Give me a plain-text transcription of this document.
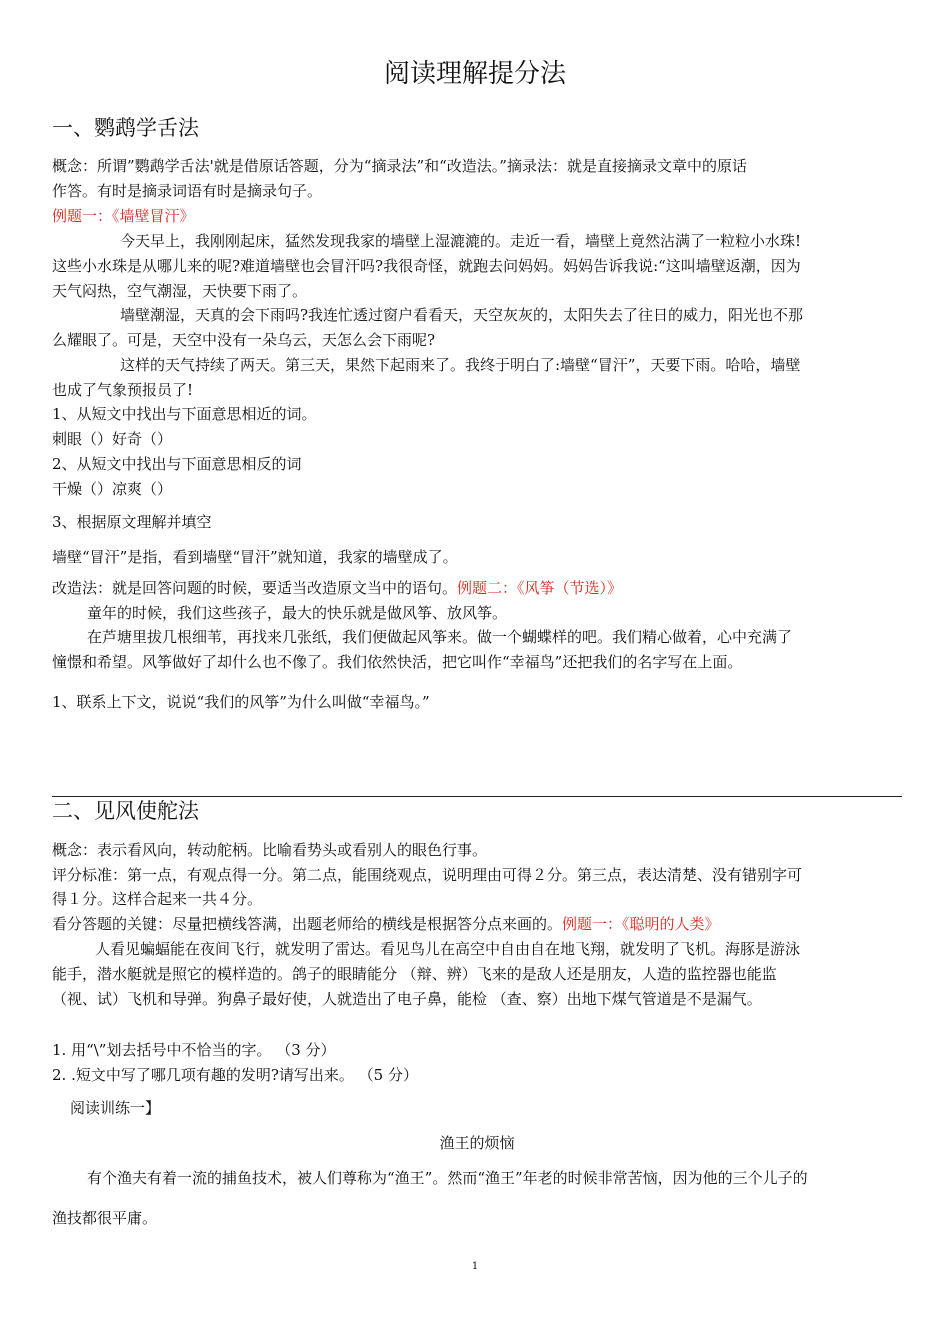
阅读理解提分法
一、鹦鹉学舌法
概念：所谓”鹦鹉学舌法'就是借原话答题，分为“摘录法”和“改造法。”摘录法：就是直接摘录文章中的原话
作答。有时是摘录词语有时是摘录句子。
例题一：《墙壁冒汗》
今天早上，我刚刚起床，猛然发现我家的墙壁上湿漉漉的。走近一看，墙壁上竟然沾满了一粒粒小水珠!
这些小水珠是从哪儿来的呢?难道墙壁也会冒汗吗?我很奇怪，就跑去问妈妈。妈妈告诉我说:“这叫墙壁返潮，因为
天气闷热，空气潮湿，天快要下雨了。
墙壁潮湿，天真的会下雨吗?我连忙透过窗户看看天，天空灰灰的，太阳失去了往日的威力，阳光也不那
么耀眼了。可是，天空中没有一朵乌云，天怎么会下雨呢?
这样的天气持续了两天。第三天，果然下起雨来了。我终于明白了:墙壁“冒汗”，天要下雨。哈哈，墙壁
也成了气象预报员了!
1、从短文中找出与下面意思相近的词。
刺眼（）好奇（）
2、从短文中找出与下面意思相反的词
干燥（）凉爽（）
3、根据原文理解并填空
墙壁“冒汗”是指，看到墙壁“冒汗”就知道，我家的墙壁成了。
改造法：就是回答问题的时候，要适当改造原文当中的语句。例题二：《风筝（节选）》
童年的时候，我们这些孩子，最大的快乐就是做风筝、放风筝。
在芦塘里拔几根细苇，再找来几张纸，我们便做起风筝来。做一个蝴蝶样的吧。我们精心做着，心中充满了
憧憬和希望。风筝做好了却什么也不像了。我们依然快活，把它叫作“幸福鸟”还把我们的名字写在上面。
1、联系上下文，说说“我们的风筝”为什么叫做“幸福鸟。”
二、见风使舵法
概念：表示看风向，转动舵柄。比喻看势头或看别人的眼色行事。
评分标准：第一点，有观点得一分。第二点，能围绕观点，说明理由可得２分。第三点，表达清楚、没有错别字可
得１分。这样合起来一共４分。
看分答题的关键：尽量把横线答满，出题老师给的横线是根据答分点来画的。例题一：《聪明的人类》
人看见蝙蝠能在夜间飞行，就发明了雷达。看见鸟儿在高空中自由自在地飞翔，就发明了飞机。海豚是游泳
能手，潜水艇就是照它的模样造的。鸽子的眼睛能分 （辩、辨）飞来的是敌人还是朋友，人造的监控器也能监
（视、试）飞机和导弹。狗鼻子最好使，人就造出了电子鼻，能检 （查、察）出地下煤气管道是不是漏气。
1. 用“\”划去括号中不恰当的字。 （3 分）
2. .短文中写了哪几项有趣的发明?请写出来。 （5 分）
阅读训练一】
渔王的烦恼
有个渔夫有着一流的捕鱼技术，被人们尊称为“渔王”。然而“渔王”年老的时候非常苦恼，因为他的三个儿子的
渔技都很平庸。
1
